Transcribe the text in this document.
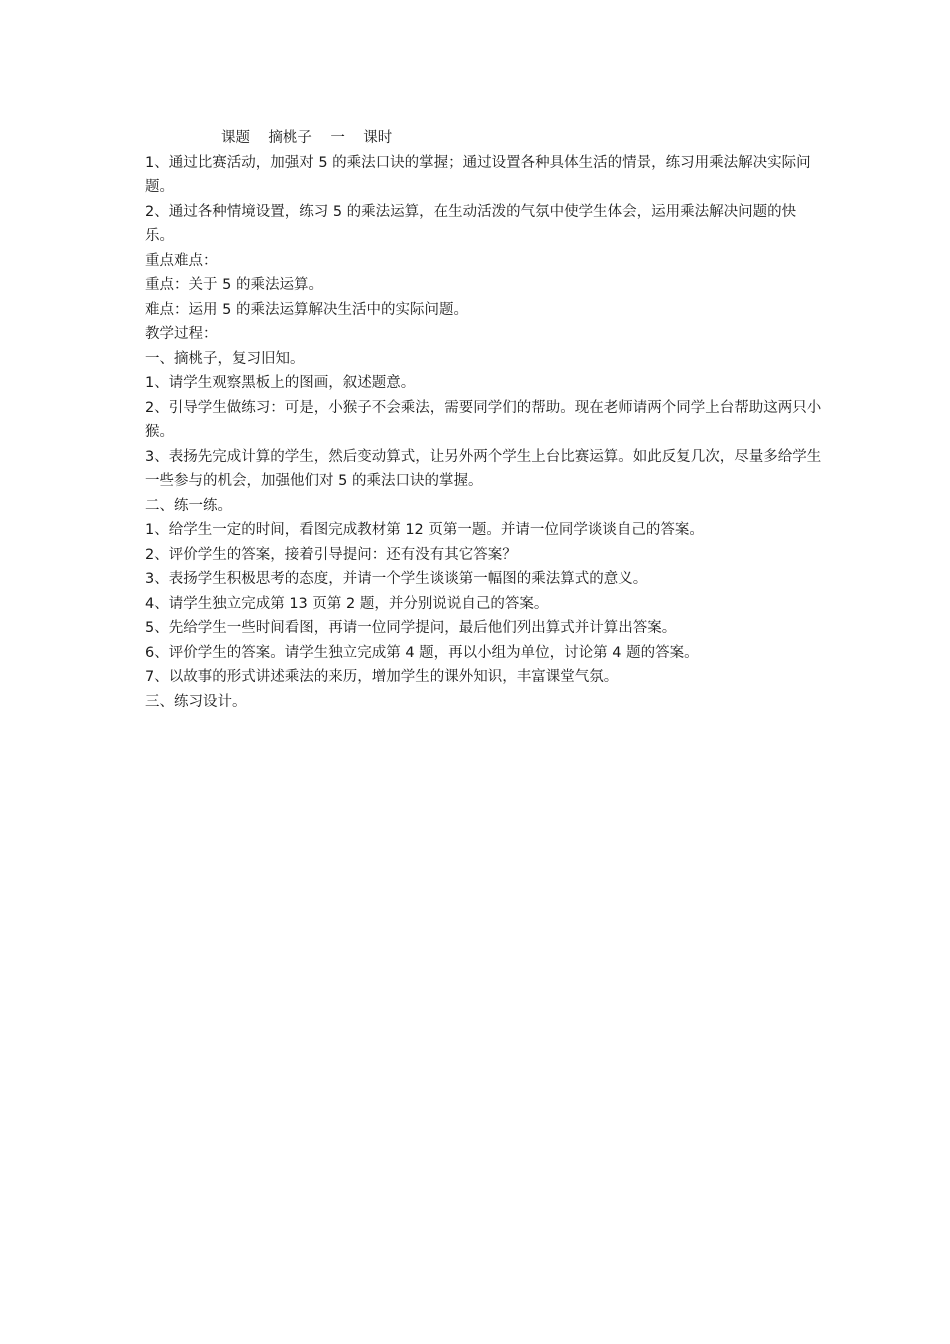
课题    摘桃子    一    课时

1、通过比赛活动，加强对 5 的乘法口诀的掌握；通过设置各种具体生活的情景，练习用乘法解决实际问题。

2、通过各种情境设置，练习 5 的乘法运算，在生动活泼的气氛中使学生体会，运用乘法解决问题的快乐。

重点难点：

重点：关于 5 的乘法运算。

难点：运用 5 的乘法运算解决生活中的实际问题。

教学过程：

一、摘桃子，复习旧知。

1、请学生观察黑板上的图画，叙述题意。

2、引导学生做练习：可是，小猴子不会乘法，需要同学们的帮助。现在老师请两个同学上台帮助这两只小猴。

3、表扬先完成计算的学生，然后变动算式，让另外两个学生上台比赛运算。如此反复几次，尽量多给学生一些参与的机会，加强他们对 5 的乘法口诀的掌握。

二、练一练。

1、给学生一定的时间，看图完成教材第 12 页第一题。并请一位同学谈谈自己的答案。

2、评价学生的答案，接着引导提问：还有没有其它答案？

3、表扬学生积极思考的态度，并请一个学生谈谈第一幅图的乘法算式的意义。

4、请学生独立完成第 13 页第 2 题，并分别说说自己的答案。

5、先给学生一些时间看图，再请一位同学提问，最后他们列出算式并计算出答案。

6、评价学生的答案。请学生独立完成第 4 题，再以小组为单位，讨论第 4 题的答案。

7、以故事的形式讲述乘法的来历，增加学生的课外知识，丰富课堂气氛。

三、练习设计。
